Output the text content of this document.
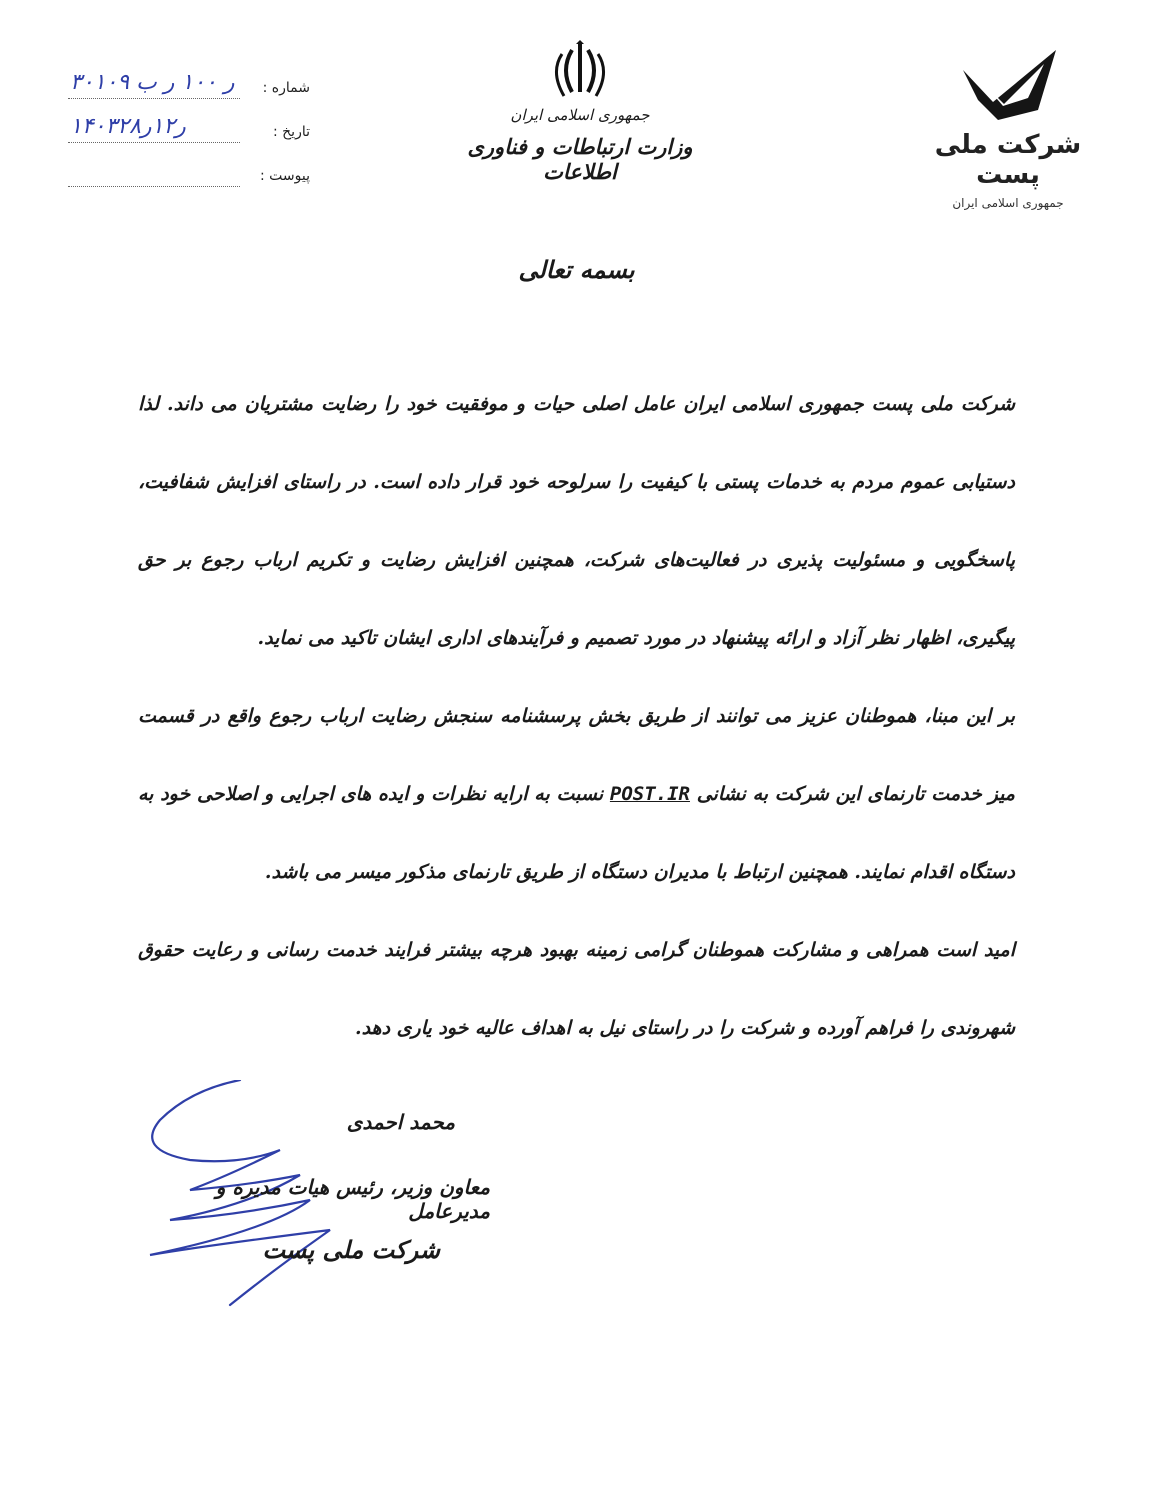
شرکت ملی پست
جمهوری اسلامی ایران
جمهوری اسلامی ایران
وزارت ارتباطات و فناوری اطلاعات
شماره :
۳۰۱۰۹ ر ۱۰۰ ر ب
تاریخ :
۱۴۰۳ر۱۲ر۲۸
پیوست :
بسمه تعالی

شرکت ملی پست جمهوری اسلامی ایران عامل اصلی حیات و موفقیت خود را رضایت مشتریان می داند. لذا دستیابی عموم مردم به خدمات پستی با کیفیت را سرلوحه خود قرار داده است. در راستای افزایش شفافیت، پاسخگویی و مسئولیت پذیری در فعالیت‌های شرکت، همچنین افزایش رضایت و تکریم ارباب رجوع بر حق پیگیری، اظهار نظر آزاد و ارائه پیشنهاد در مورد تصمیم و فرآیندهای اداری ایشان تاکید می نماید.

بر این مبنا، هموطنان عزیز می توانند از طریق بخش پرسشنامه سنجش رضایت ارباب رجوع واقع در قسمت میز خدمت تارنمای این شرکت به نشانی POST.IR نسبت به ارایه نظرات و ایده های اجرایی و اصلاحی خود به دستگاه اقدام نمایند. همچنین ارتباط با مدیران دستگاه از طریق تارنمای مذکور میسر می باشد.

امید است همراهی و مشارکت هموطنان گرامی زمینه بهبود هرچه بیشتر فرایند خدمت رسانی و رعایت حقوق شهروندی را فراهم آورده و شرکت را در راستای نیل به اهداف عالیه خود یاری دهد.

محمد احمدی
معاون وزیر، رئیس هیات مدیره و مدیرعامل
شرکت ملی پست
